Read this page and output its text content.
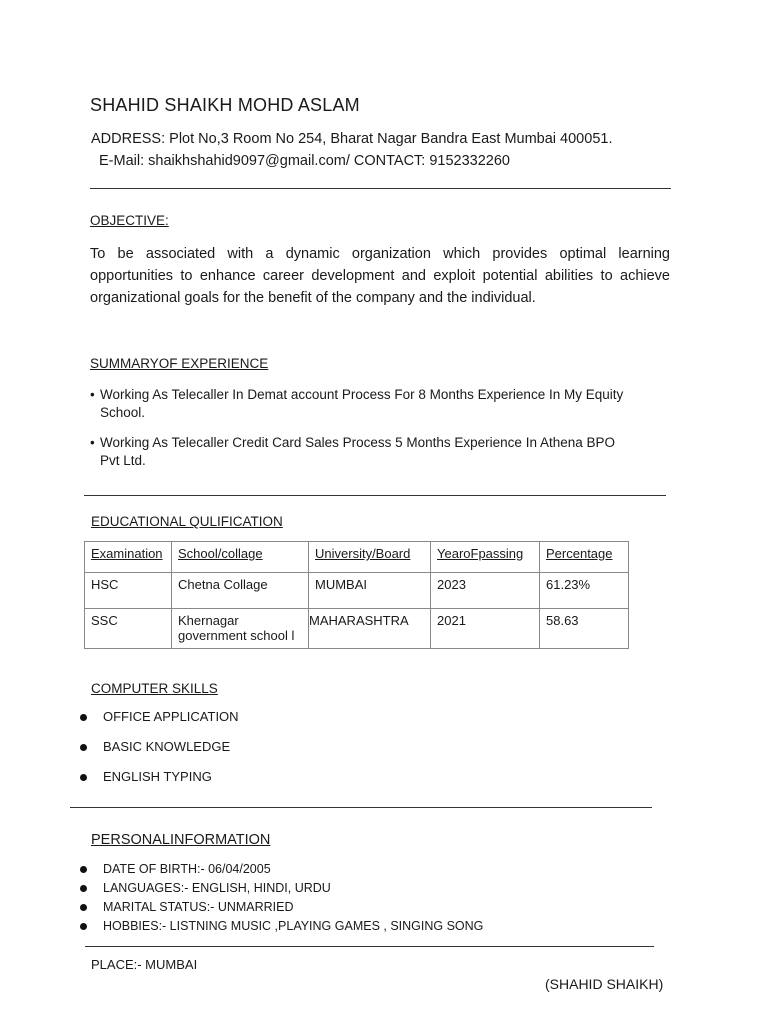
SHAHID SHAIKH MOHD ASLAM
ADDRESS: Plot No,3 Room No 254, Bharat Nagar Bandra East Mumbai 400051.
E-Mail: shaikhshahid9097@gmail.com/ CONTACT: 9152332260
OBJECTIVE:
To be associated with a dynamic organization which provides optimal learning opportunities to enhance career development and exploit potential abilities to achieve organizational goals for the benefit of the company and the individual.
SUMMARYOF EXPERIENCE
• Working As Telecaller In Demat account Process For 8 Months Experience In My Equity
School.
• Working As Telecaller Credit Card Sales Process 5 Months Experience In Athena BPO
Pvt Ltd.
EDUCATIONAL QULIFICATION
Examination	School/collage	University/Board	YearoFpassing	Percentage
HSC	Chetna Collage	MUMBAI	2023	61.23%
SSC	Khernagar government school l	MAHARASHTRA	2021	58.63
COMPUTER SKILLS
OFFICE APPLICATION
BASIC KNOWLEDGE
ENGLISH TYPING
PERSONALINFORMATION
DATE OF BIRTH:- 06/04/2005
LANGUAGES:- ENGLISH, HINDI, URDU
MARITAL STATUS:- UNMARRIED
HOBBIES:- LISTNING MUSIC ,PLAYING GAMES , SINGING SONG
PLACE:- MUMBAI
(SHAHID SHAIKH)
